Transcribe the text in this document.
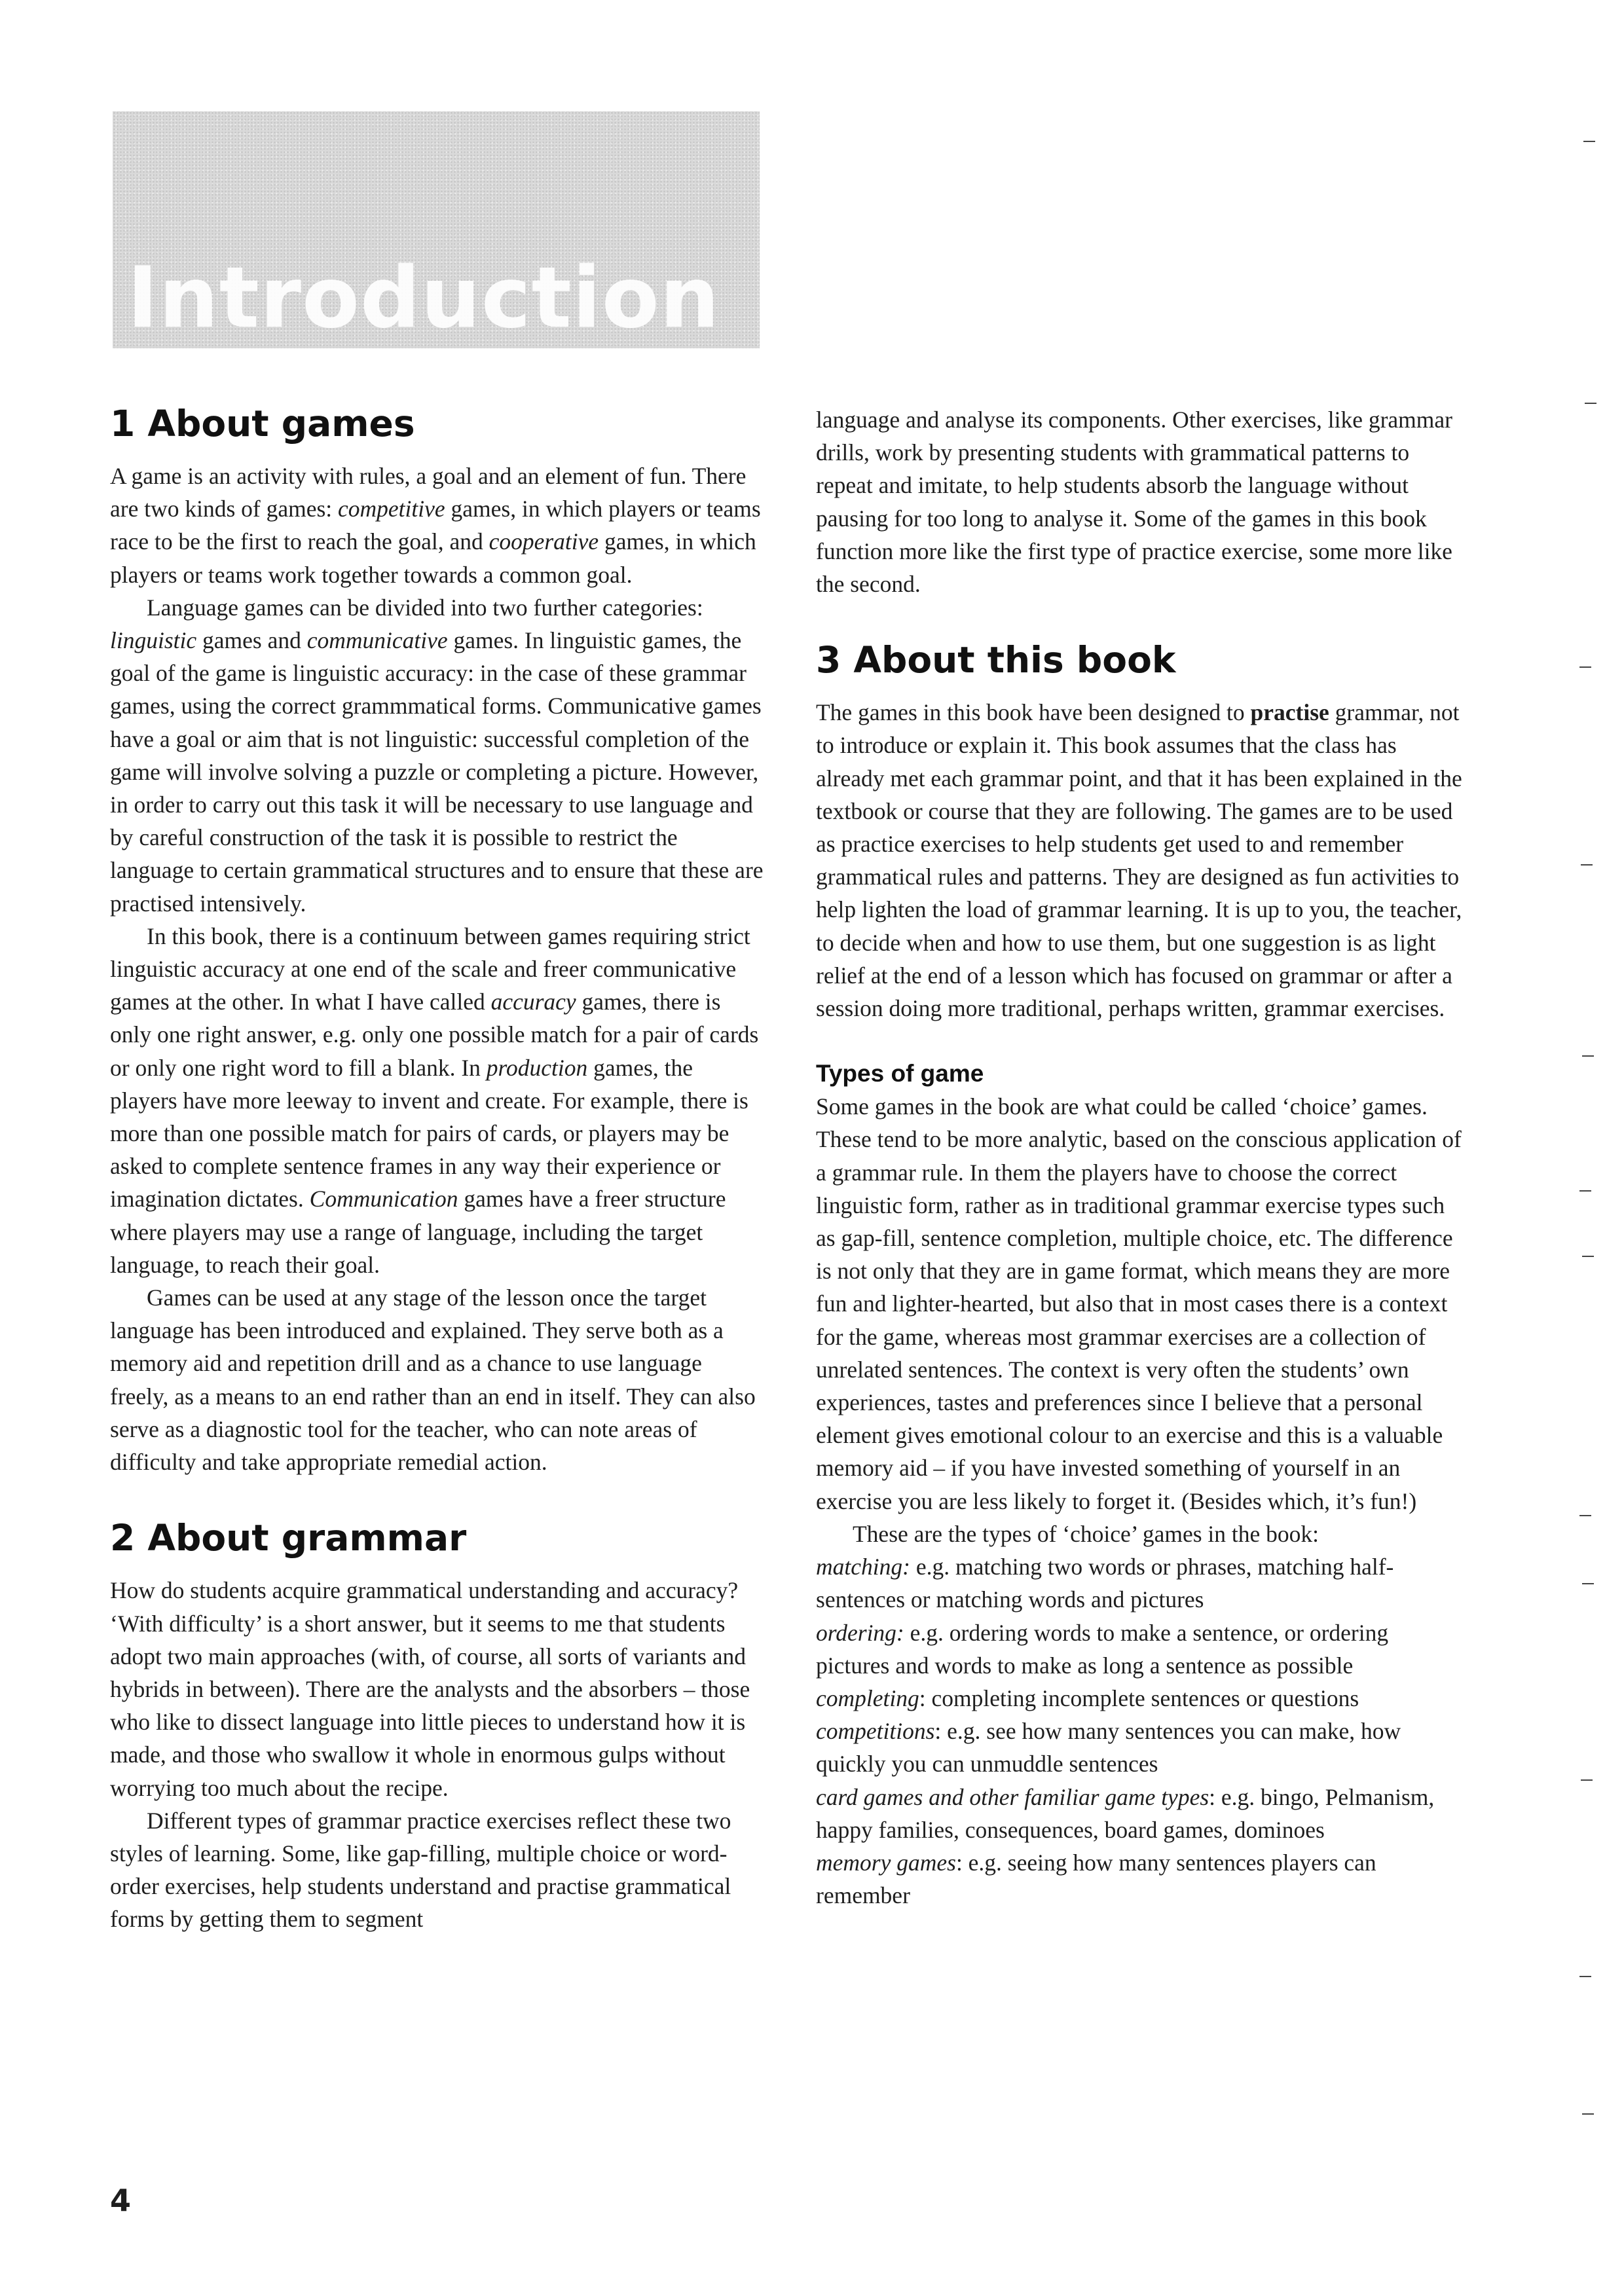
Introduction
1 About games

A game is an activity with rules, a goal and an element of fun. There are two kinds of games: competitive games, in which players or teams race to be the first to reach the goal, and cooperative games, in which players or teams work together towards a common goal.

Language games can be divided into two further categories: linguistic games and communicative games. In linguistic games, the goal of the game is linguistic accuracy: in the case of these grammar games, using the correct grammmatical forms. Communicative games have a goal or aim that is not linguistic: successful completion of the game will involve solving a puzzle or completing a picture. However, in order to carry out this task it will be necessary to use language and by careful construction of the task it is possible to restrict the language to certain grammatical structures and to ensure that these are practised intensively.

In this book, there is a continuum between games requiring strict linguistic accuracy at one end of the scale and freer communicative games at the other. In what I have called accuracy games, there is only one right answer, e.g. only one possible match for a pair of cards or only one right word to fill a blank. In production games, the players have more leeway to invent and create. For example, there is more than one possible match for pairs of cards, or players may be asked to complete sentence frames in any way their experience or imagination dictates. Communication games have a freer structure where players may use a range of language, including the target language, to reach their goal.

Games can be used at any stage of the lesson once the target language has been introduced and explained. They serve both as a memory aid and repetition drill and as a chance to use language freely, as a means to an end rather than an end in itself. They can also serve as a diagnostic tool for the teacher, who can note areas of difficulty and take appropriate remedial action.

2 About grammar

How do students acquire grammatical understanding and accuracy? ‘With difficulty’ is a short answer, but it seems to me that students adopt two main approaches (with, of course, all sorts of variants and hybrids in between). There are the analysts and the absorbers – those who like to dissect language into little pieces to understand how it is made, and those who swallow it whole in enormous gulps without worrying too much about the recipe.

Different types of grammar practice exercises reflect these two styles of learning. Some, like gap-filling, multiple choice or word-order exercises, help students understand and practise grammatical forms by getting them to segment

language and analyse its components. Other exercises, like grammar drills, work by presenting students with grammatical patterns to repeat and imitate, to help students absorb the language without pausing for too long to analyse it. Some of the games in this book function more like the first type of practice exercise, some more like the second.

3 About this book

The games in this book have been designed to practise grammar, not to introduce or explain it. This book assumes that the class has already met each grammar point, and that it has been explained in the textbook or course that they are following. The games are to be used as practice exercises to help students get used to and remember grammatical rules and patterns. They are designed as fun activities to help lighten the load of grammar learning. It is up to you, the teacher, to decide when and how to use them, but one suggestion is as light relief at the end of a lesson which has focused on grammar or after a session doing more traditional, perhaps written, grammar exercises.

Types of game

Some games in the book are what could be called ‘choice’ games. These tend to be more analytic, based on the conscious application of a grammar rule. In them the players have to choose the correct linguistic form, rather as in traditional grammar exercise types such as gap-fill, sentence completion, multiple choice, etc. The difference is not only that they are in game format, which means they are more fun and lighter-hearted, but also that in most cases there is a context for the game, whereas most grammar exercises are a collection of unrelated sentences. The context is very often the students’ own experiences, tastes and preferences since I believe that a personal element gives emotional colour to an exercise and this is a valuable memory aid – if you have invested something of yourself in an exercise you are less likely to forget it. (Besides which, it’s fun!)

These are the types of ‘choice’ games in the book:

matching: e.g. matching two words or phrases, matching half-sentences or matching words and pictures

ordering: e.g. ordering words to make a sentence, or ordering pictures and words to make as long a sentence as possible

completing: completing incomplete sentences or questions

competitions: e.g. see how many sentences you can make, how quickly you can unmuddle sentences

card games and other familiar game types: e.g. bingo, Pelmanism, happy families, consequences, board games, dominoes

memory games: e.g. seeing how many sentences players can remember

4
